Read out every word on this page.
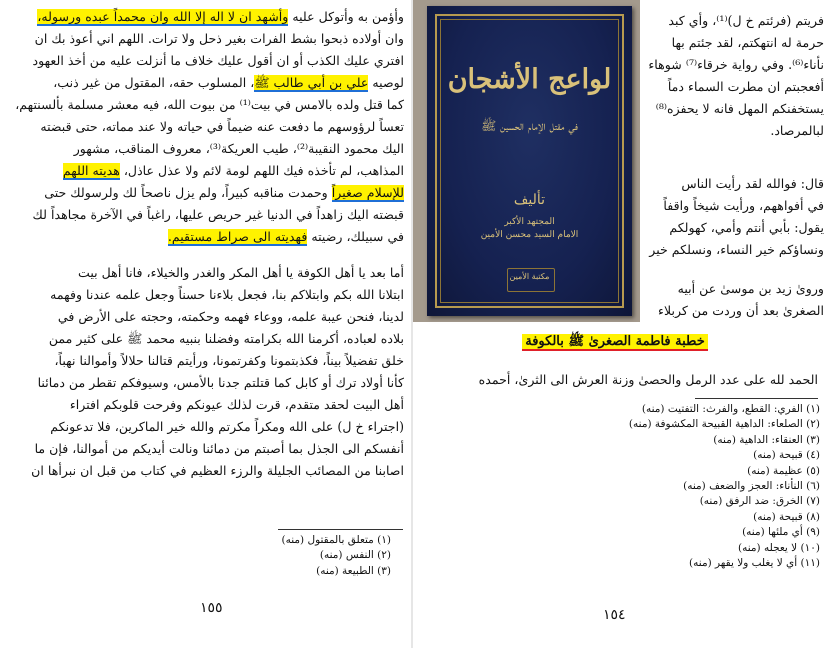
وأؤمن به وأتوكل عليه وأشهد ان لا اله إلا الله وان محمداً عبده ورسوله،
وان أولاده ذبحوا بشط الفرات بغير ذحل ولا ترات. اللهم اني أعوذ بك ان
افتري عليك الكذب أو ان أقول عليك خلاف ما أنزلت عليه من أخذ العهود
لوصيه علي بن أبي طالب ﷺ، المسلوب حقه، المقتول من غير ذنب،
كما قتل ولده بالامس في بيت⁽¹⁾ من بيوت الله، فيه معشر مسلمة بألسنتهم،
تعساً لرؤوسهم ما دفعت عنه ضيماً في حياته ولا عند مماته، حتى قبضته
اليك محمود النقيبة⁽²⁾، طيب العريكة⁽³⁾، معروف المناقب، مشهور
المذاهب، لم تأخذه فيك اللهم لومة لائم ولا عذل عاذل، هديته اللهم
للإسلام صغيراً وحمدت مناقبه كبيراً، ولم يزل ناصحاً لك ولرسولك حتى
قبضته اليك زاهداً في الدنيا غير حريص عليها، راغباً في الآخرة مجاهداً لك
في سبيلك، رضيته فهديته الى صراط مستقيم.
أما بعد يا أهل الكوفة يا أهل المكر والغدر والخيلاء، فانا أهل بيت
ابتلانا الله بكم وابتلاكم بنا، فجعل بلاءنا حسناً وجعل علمه عندنا وفهمه
لدينا، فنحن عيبة علمه، ووعاء فهمه وحكمته، وحجته على الأرض في
بلاده لعباده، أكرمنا الله بكرامته وفضلنا بنبيه محمد ﷺ على كثير ممن
خلق تفضيلاً بيناً، فكذبتمونا وكفرتمونا، ورأيتم قتالنا حلالاً وأموالنا نهباً،
كأنا أولاد ترك أو كابل كما قتلتم جدنا بالأمس، وسيوفكم تقطر من دمائنا
أهل البيت لحقد متقدم، قرت لذلك عيونكم وفرحت قلوبكم افتراء
(اجتراء خ ل) على الله ومكراً مكرتم والله خير الماكرين، فلا تدعونكم
أنفسكم الى الجذل بما أصبتم من دمائنا ونالت أيديكم من أموالنا، فإن ما
اصابنا من المصائب الجليلة والرزء العظيم في كتاب من قبل ان نبرأها ان
(١) متعلق بالمقتول (منه)
(٢) النفس (منه)
(٣) الطبيعة (منه)
١٥٥
فريتم (فرئتم خ ل)⁽¹⁾، وأي كبد
حرمة له انتهكتم، لقد جئتم بها
نأناء⁽⁶⁾. وفي رواية خرقاء⁽⁷⁾ شوهاء
أفعجبتم ان مطرت السماء دماً
يستخفنكم المهل فانه لا يحفزه⁽⁸⁾
لبالمرصاد.
قال: فوالله لقد رأيت الناس
في أفواههم، ورأيت شيخاً واقفاً
يقول: بأبي أنتم وأمي، كهولكم
ونساؤكم خير النساء، ونسلكم خير
وروىٰ زيد بن موسىٰ عن أبيه
الصغرىٰ بعد أن وردت من كربلاء
خطبة فاطمة الصغرىٰ ﷺ بالكوفة
الحمد لله على عدد الرمل والحصىٰ وزنة العرش الى الثرىٰ، أحمده
(١) الفري: القطع، والفرث: التفتيت (منه)
(٢) الصلعاء: الداهية القبيحة المكشوفة (منه)
(٣) العنقاء: الداهية (منه)
(٤) قبيحة (منه)
(٥) عظيمة (منه)
(٦) النأناء: العجز والضعف (منه)
(٧) الخرق: ضد الرفق (منه)
(٨) قبيحة (منه)
(٩) أي ملئها (منه)
(١٠) لا يعجله (منه)
(١١) أي لا يغلب ولا يقهر (منه)
١٥٤
لواعج الأشجان
في مقتل الإمام الحسين ﷺ
تأليف
المجتهد الأكبر
الامام السيد محسن الأمين
مكتبة الأمين
